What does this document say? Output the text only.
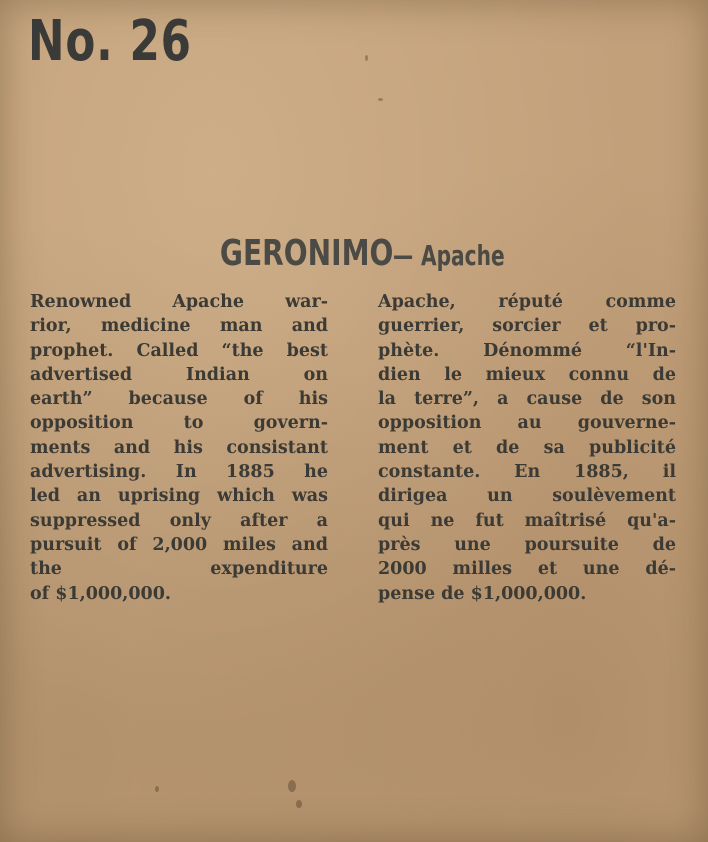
No. 26
GERONIMO— Apache
Renowned Apache war-
rior, medicine man and
prophet. Called “the best
advertised Indian on
earth” because of his
opposition to govern-
ments and his consistant
advertising. In 1885 he
led an uprising which was
suppressed only after a
pursuit of 2,000 miles and
the expenditure
of $1,000,000.
Apache, réputé comme
guerrier, sorcier et pro-
phète. Dénommé “l'In-
dien le mieux connu de
la terre”, a cause de son
opposition au gouverne-
ment et de sa publicité
constante. En 1885, il
dirigea un soulèvement
qui ne fut maîtrisé qu'a-
près une poursuite de
2000 milles et une dé-
pense de $1,000,000.
